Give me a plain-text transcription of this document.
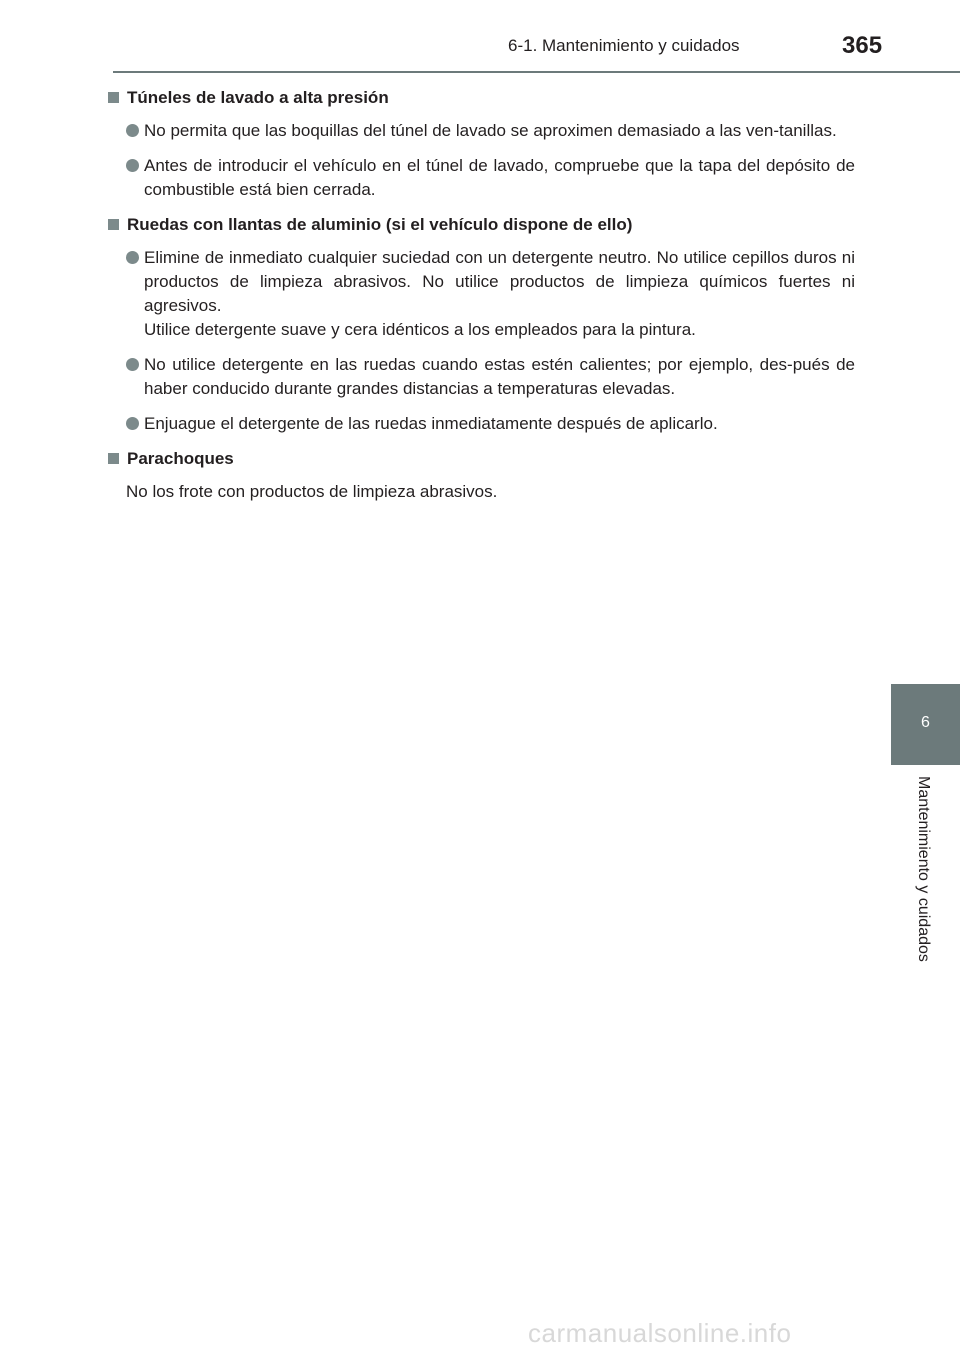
6-1. Mantenimiento y cuidados	365
6
Mantenimiento y cuidados
Túneles de lavado a alta presión
No permita que las boquillas del túnel de lavado se aproximen demasiado a las ven-tanillas.
Antes de introducir el vehículo en el túnel de lavado, compruebe que la tapa del depósito de combustible está bien cerrada.
Ruedas con llantas de aluminio (si el vehículo dispone de ello)
Elimine de inmediato cualquier suciedad con un detergente neutro. No utilice cepillos duros ni productos de limpieza abrasivos. No utilice productos de limpieza químicos fuertes ni agresivos.
Utilice detergente suave y cera idénticos a los empleados para la pintura.
No utilice detergente en las ruedas cuando estas estén calientes; por ejemplo, des-pués de haber conducido durante grandes distancias a temperaturas elevadas.
Enjuague el detergente de las ruedas inmediatamente después de aplicarlo.
Parachoques
No los frote con productos de limpieza abrasivos.
carmanualsonline.info
